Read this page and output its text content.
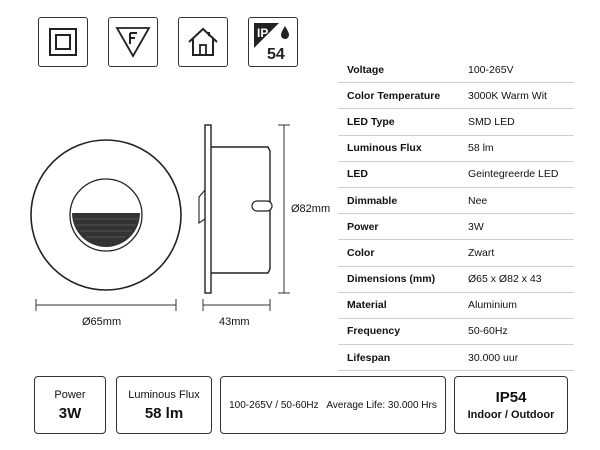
IP
54
Ø65mm	43mm
Ø82mm
Voltage	100-265V
Color Temperature	3000K Warm Wit
LED Type	SMD LED
Luminous Flux	58 lm
LED	Geintegreerde LED
Dimmable	Nee
Power	3W
Color	Zwart
Dimensions (mm)	Ø65 x Ø82 x 43
Material	Aluminium
Frequency	50-60Hz
Lifespan	30.000 uur
Power
3W
Luminous Flux
58 lm	100-265V / 50-60Hz   Average Life: 30.000 Hrs	IP54
Indoor / Outdoor
